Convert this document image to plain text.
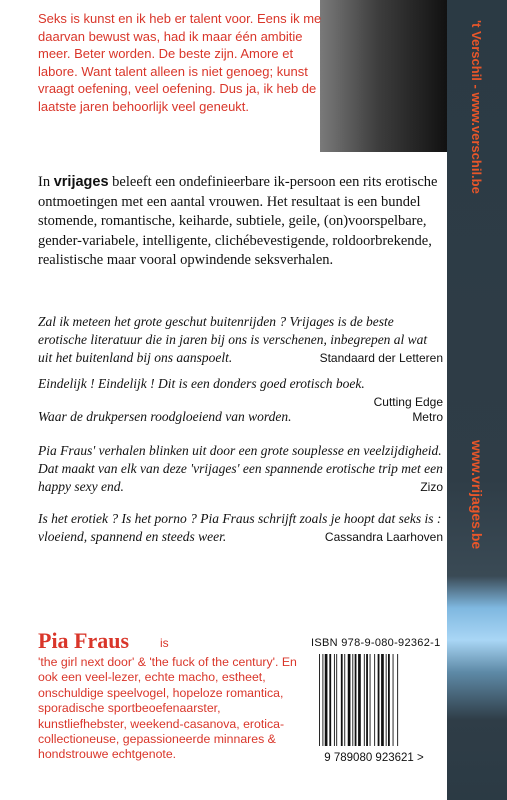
't Verschil - www.verschil.be
www.vrijages.be
Seks is kunst en ik heb er talent voor. Eens ik me daarvan bewust was, had ik maar één ambitie meer. Beter worden. De beste zijn. Amore et labore. Want talent alleen is niet genoeg; kunst vraagt oefening, veel oefening. Dus ja, ik heb de laatste jaren behoorlijk veel geneukt.
In vrijages beleeft een ondefinieerbare ik-persoon een rits erotische ontmoetingen met een aantal vrouwen. Het resultaat is een bundel stomende, romantische, keiharde, subtiele, geile, (on)voorspelbare, gender-variabele, intelligente, clichébevestigende, roldoorbrekende, realistische maar vooral opwindende seksverhalen.
Zal ik meteen het grote geschut buitenrijden ? Vrijages is de beste erotische literatuur die in jaren bij ons is verschenen, inbegrepen al wat uit het buitenland bij ons aanspoelt.	Standaard der Letteren
Eindelijk ! Eindelijk ! Dit is een donders goed erotisch boek.
Cutting Edge
Waar de drukpersen roodgloeiend van worden.	Metro
Pia Fraus' verhalen blinken uit door een grote souplesse en veelzijdigheid. Dat maakt van elk van deze 'vrijages' een spannende erotische trip met een happy sexy end.	Zizo
Is het erotiek ? Is het porno ? Pia Fraus schrijft zoals je hoopt dat seks is : vloeiend, spannend en steeds weer.	Cassandra Laarhoven
Pia Fraus	is
'the girl next door' & 'the fuck of the century'. En ook een veel-lezer, echte macho, estheet, onschuldige speelvogel, hopeloze romantica, sporadische sportbeoefenaarster, kunstliefhebster, weekend-casanova, erotica-collectioneuse, gepassioneerde minnares & hondstrouwe echtgenote.
ISBN 978-9-080-92362-1
9 789080 923621 >
